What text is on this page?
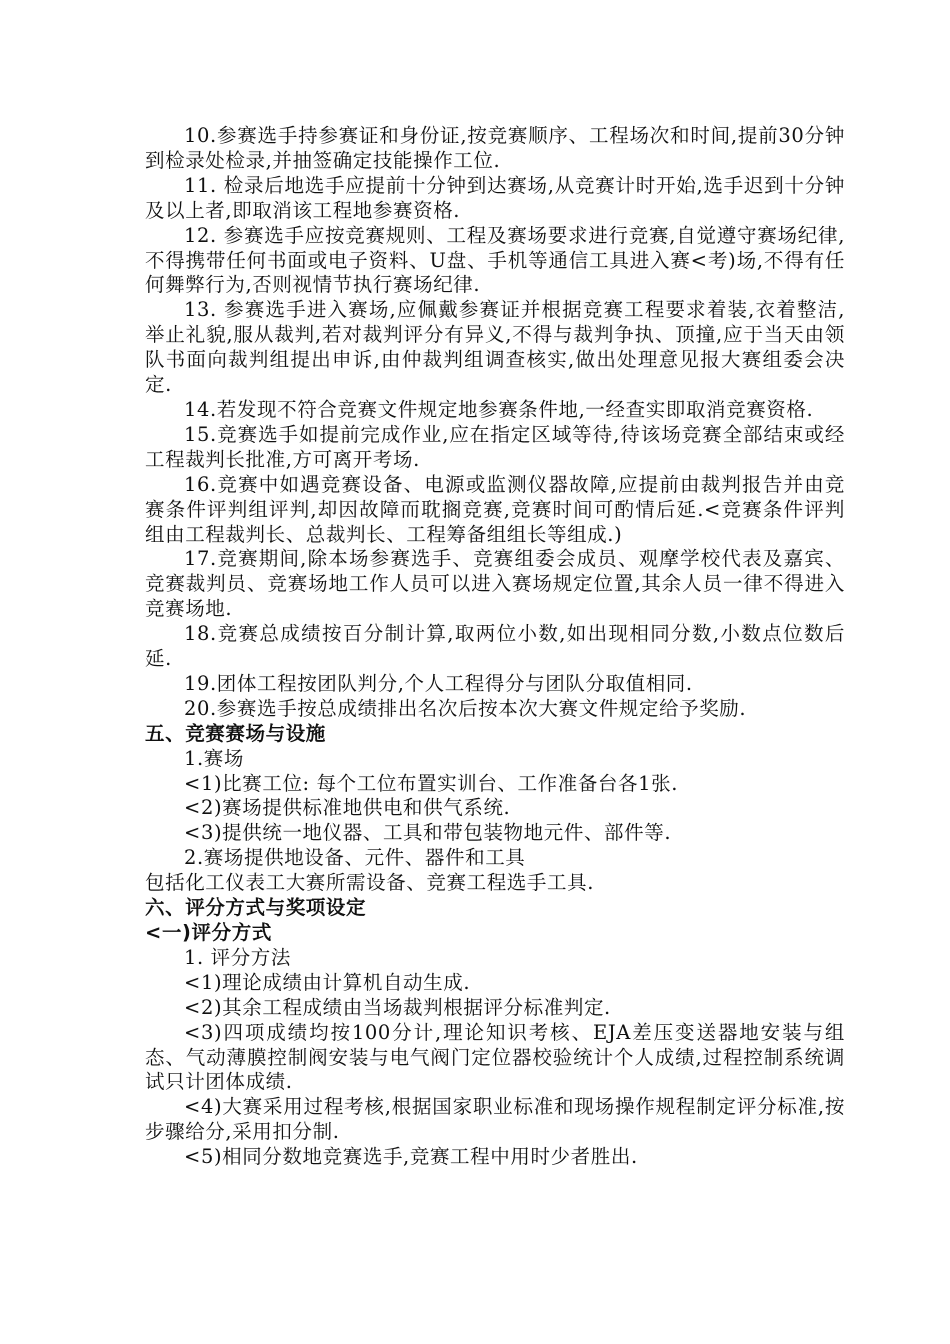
10.参赛选手持参赛证和身份证,按竞赛顺序、工程场次和时间,提前30分钟到检录处检录,并抽签确定技能操作工位.

11. 检录后地选手应提前十分钟到达赛场,从竞赛计时开始,选手迟到十分钟及以上者,即取消该工程地参赛资格.

12. 参赛选手应按竞赛规则、工程及赛场要求进行竞赛,自觉遵守赛场纪律,不得携带任何书面或电子资料、U盘、手机等通信工具进入赛<考)场,不得有任何舞弊行为,否则视情节执行赛场纪律.

13. 参赛选手进入赛场,应佩戴参赛证并根据竞赛工程要求着装,衣着整洁,举止礼貌,服从裁判,若对裁判评分有异义,不得与裁判争执、顶撞,应于当天由领队书面向裁判组提出申诉,由仲裁判组调查核实,做出处理意见报大赛组委会决定.

14.若发现不符合竞赛文件规定地参赛条件地,一经查实即取消竞赛资格.

15.竞赛选手如提前完成作业,应在指定区域等待,待该场竞赛全部结束或经工程裁判长批准,方可离开考场.

16.竞赛中如遇竞赛设备、电源或监测仪器故障,应提前由裁判报告并由竞赛条件评判组评判,却因故障而耽搁竞赛,竞赛时间可酌情后延.<竞赛条件评判组由工程裁判长、总裁判长、工程筹备组组长等组成.)

17.竞赛期间,除本场参赛选手、竞赛组委会成员、观摩学校代表及嘉宾、竞赛裁判员、竞赛场地工作人员可以进入赛场规定位置,其余人员一律不得进入竞赛场地.

18.竞赛总成绩按百分制计算,取两位小数,如出现相同分数,小数点位数后延.

19.团体工程按团队判分,个人工程得分与团队分取值相同.

20.参赛选手按总成绩排出名次后按本次大赛文件规定给予奖励.

五、竞赛赛场与设施

1.赛场

<1)比赛工位: 每个工位布置实训台、工作准备台各1张.

<2)赛场提供标准地供电和供气系统.

<3)提供统一地仪器、工具和带包装物地元件、部件等.

2.赛场提供地设备、元件、器件和工具

包括化工仪表工大赛所需设备、竞赛工程选手工具.

六、评分方式与奖项设定

<一)评分方式

1. 评分方法

<1)理论成绩由计算机自动生成.

<2)其余工程成绩由当场裁判根据评分标准判定.

<3)四项成绩均按100分计,理论知识考核、EJA差压变送器地安装与组态、气动薄膜控制阀安装与电气阀门定位器校验统计个人成绩,过程控制系统调试只计团体成绩.

<4)大赛采用过程考核,根据国家职业标准和现场操作规程制定评分标准,按步骤给分,采用扣分制.

<5)相同分数地竞赛选手,竞赛工程中用时少者胜出.
